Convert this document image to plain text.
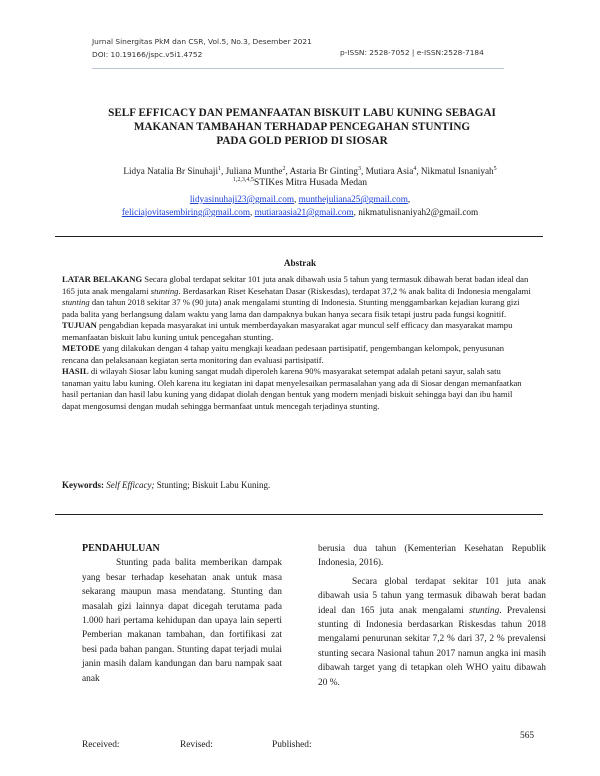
Jurnal Sinergitas PkM dan CSR, Vol.5, No.3, Desember 2021
DOI: 10.19166/jspc.v5i1.4752	p-ISSN: 2528-7052 | e-ISSN:2528-7184
SELF EFFICACY DAN PEMANFAATAN BISKUIT LABU KUNING SEBAGAI
MAKANAN TAMBAHAN TERHADAP PENCEGAHAN STUNTING
PADA GOLD PERIOD DI SIOSAR
Lidya Natalia Br Sinuhaji$^1$, Juliana Munthe$^2$, Astaria Br Ginting$^3$, Mutiara Asia$^4$, Nikmatul Isnaniyah$^5$
$^{1,2,3,4,5}$STIKes Mitra Husada Medan
lidyasinuhaji23@gmail.com, munthejuliana25@gmail.com,
feliciajovitasembiring@gmail.com, mutiaraasia21@gmail.com, nikmatulisnaniyah2@gmail.com
Abstrak

LATAR BELAKANG Secara global terdapat sekitar 101 juta anak dibawah usia 5 tahun yang termasuk dibawah berat badan ideal dan 165 juta anak mengalami stunting. Berdasarkan Riset Kesehatan Dasar (Riskesdas), terdapat 37,2 % anak balita di Indonesia mengalami stunting dan tahun 2018 sekitar 37 % (90 juta) anak mengalami stunting di Indonesia. Stunting menggambarkan kejadian kurang gizi pada balita yang berlangsung dalam waktu yang lama dan dampaknya bukan hanya secara fisik tetapi justru pada fungsi kognitif.

TUJUAN pengabdian kepada masyarakat ini untuk memberdayakan masyarakat agar muncul self efficacy dan masyarakat mampu memanfaatan biskuit labu kuning untuk pencegahan stunting.

METODE yang dilakukan dengan 4 tahap yaitu mengkaji keadaan pedesaan partisipatif, pengembangan kelompok, penyusunan rencana dan pelaksanaan kegiatan serta monitoring dan evaluasi partisipatif.

HASIL di wilayah Siosar labu kuning sangat mudah diperoleh karena 90% masyarakat setempat adalah petani sayur, salah satu tanaman yaitu labu kuning. Oleh karena itu kegiatan ini dapat menyelesaikan permasalahan yang ada di Siosar dengan memanfaatkan hasil pertanian dan hasil labu kuning yang didapat diolah dengan bentuk yang modern menjadi biskuit sehingga bayi dan ibu hamil dapat mengosumsi dengan mudah sehingga bermanfaat untuk mencegah terjadinya stunting.

Keywords: Self Efficacy; Stunting; Biskuit Labu Kuning.
PENDAHULUAN

Stunting pada balita memberikan dampak yang besar terhadap kesehatan anak untuk masa sekarang maupun masa mendatang. Stunting dan masalah gizi lainnya dapat dicegah terutama pada 1.000 hari pertama kehidupan dan upaya lain seperti Pemberian makanan tambahan, dan fortifikasi zat besi pada bahan pangan. Stunting dapat terjadi mulai janin masih dalam kandungan dan baru nampak saat anak

berusia dua tahun (Kementerian Kesehatan Republik Indonesia, 2016).

Secara global terdapat sekitar 101 juta anak dibawah usia 5 tahun yang termasuk dibawah berat badan ideal dan 165 juta anak mengalami stunting. Prevalensi stunting di Indonesia berdasarkan Riskesdas tahun 2018 mengalami penurunan sekitar 7,2 % dari 37, 2 % prevalensi stunting secara Nasional tahun 2017 namun angka ini masih dibawah target yang di tetapkan oleh WHO yaitu dibawah 20 %.

565
Received:	Revised:	Published:
